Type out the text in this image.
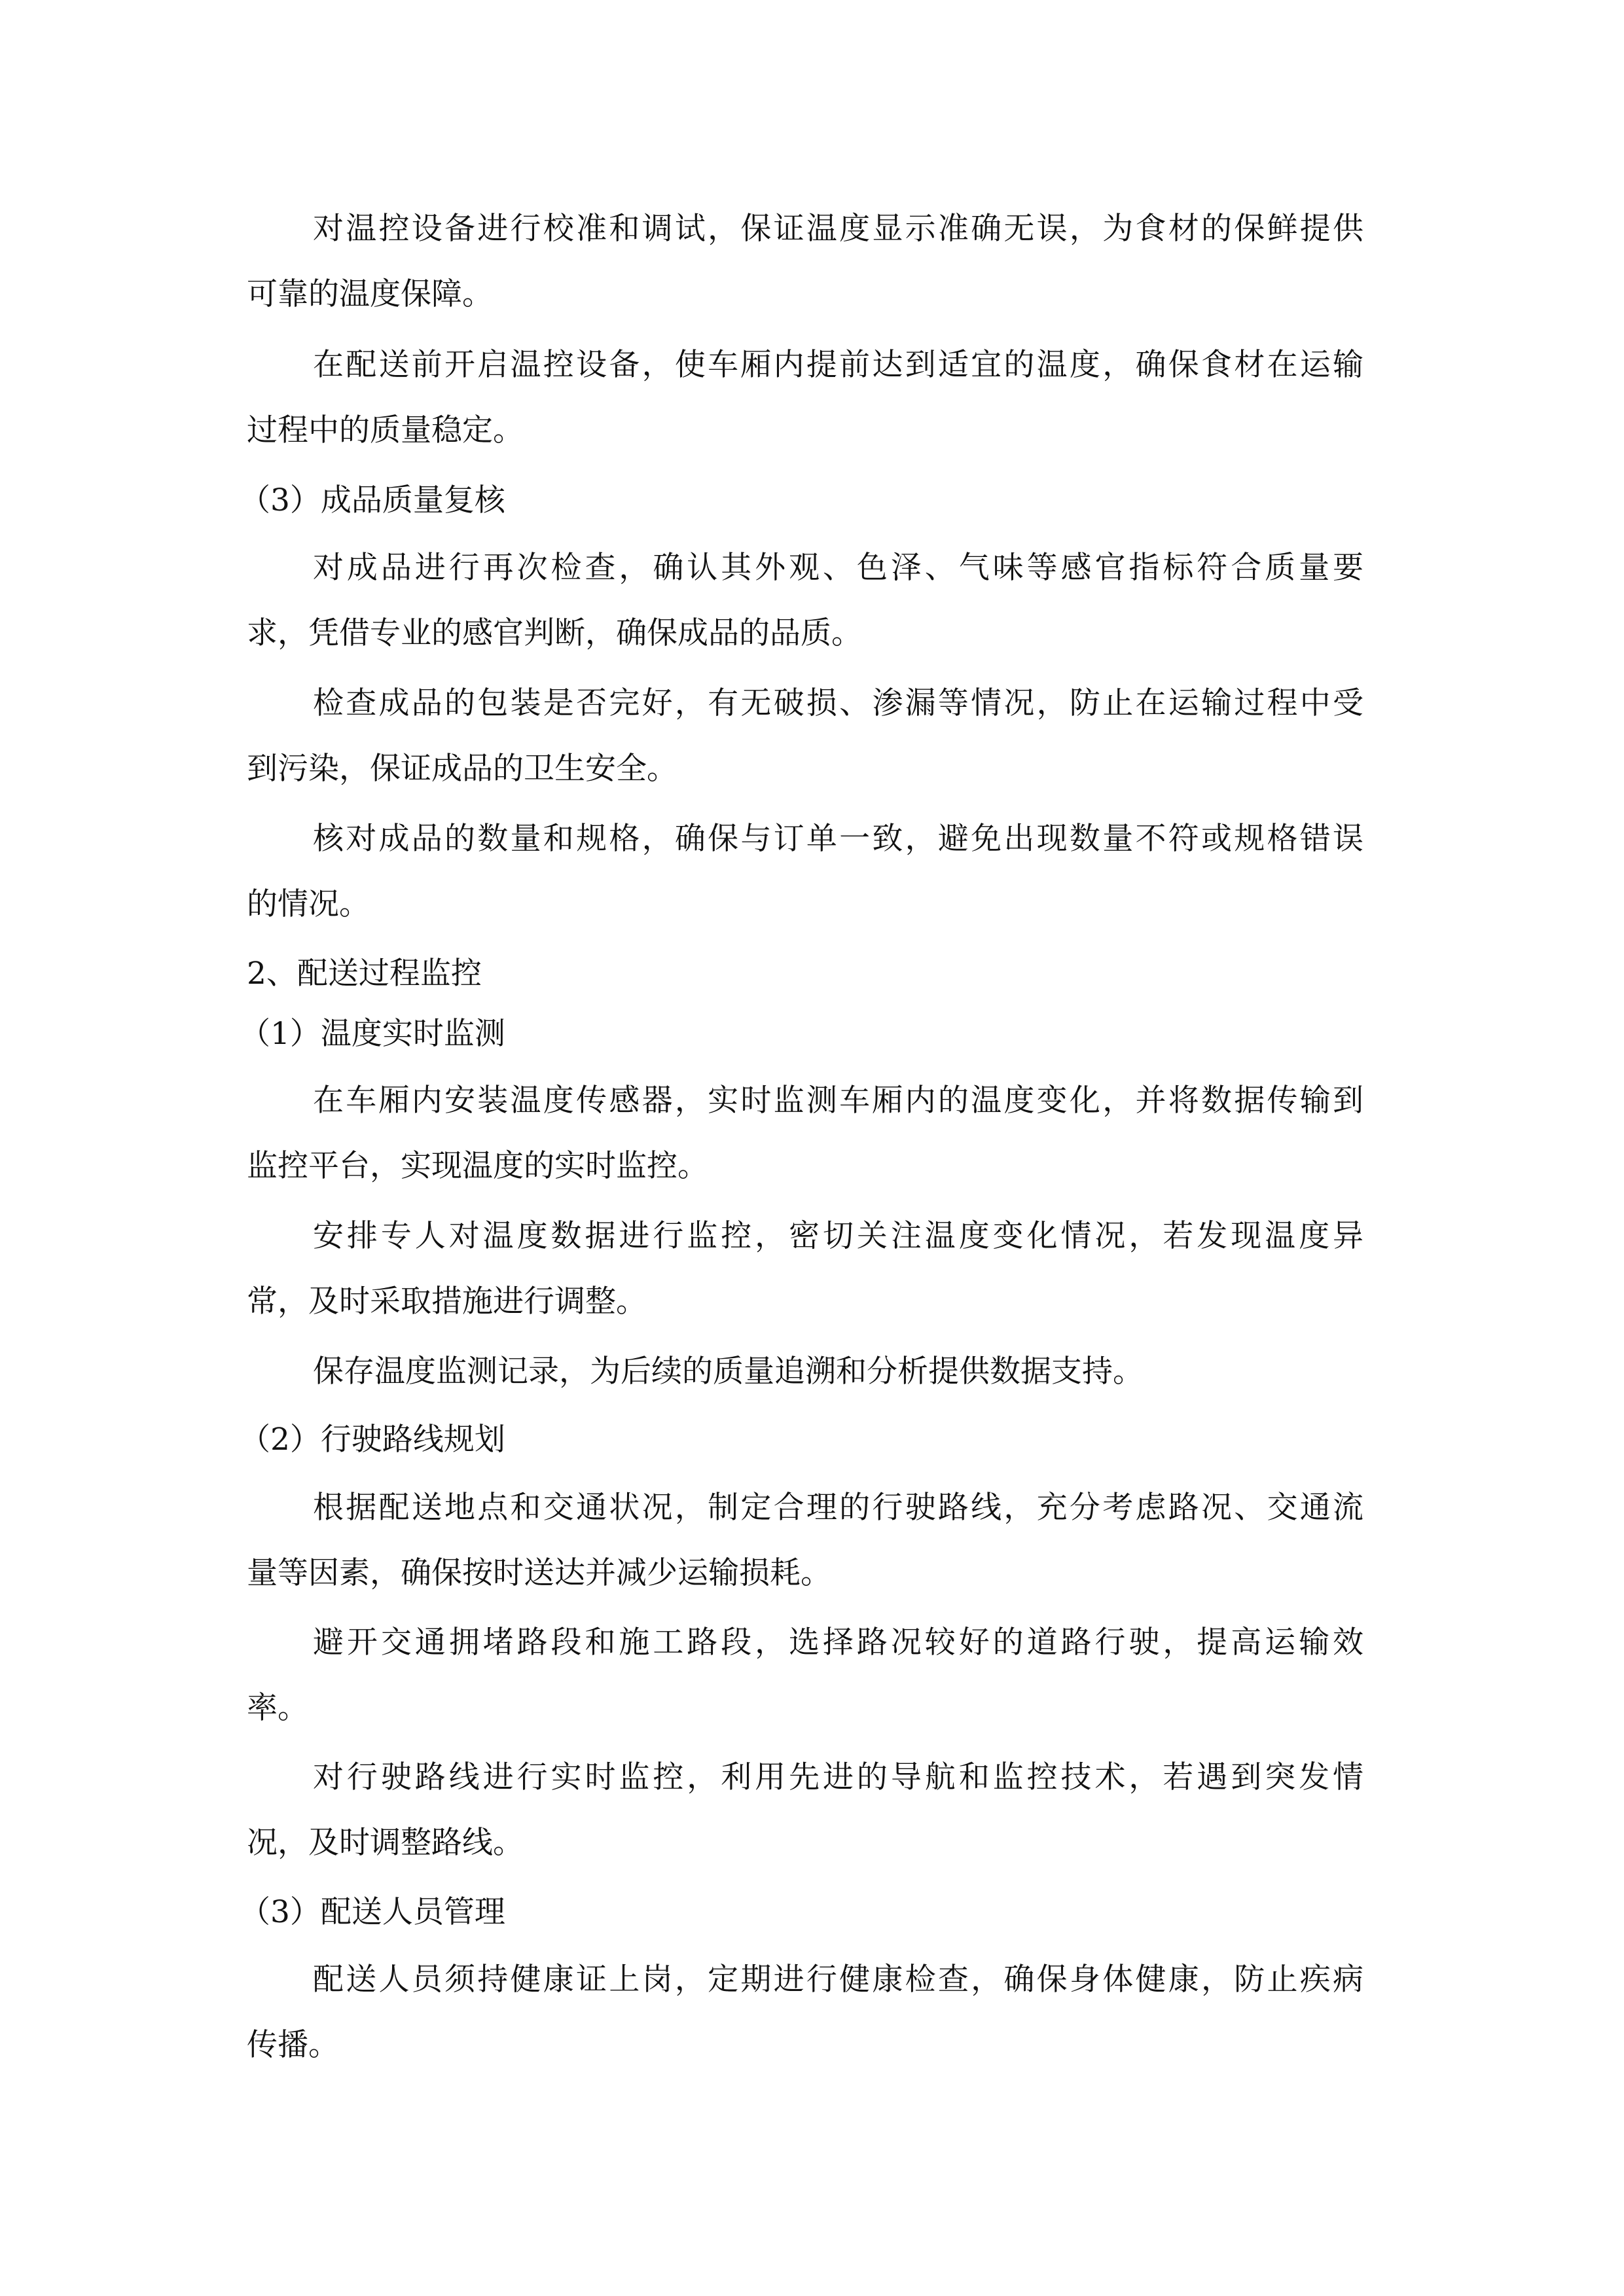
对温控设备进行校准和调试，保证温度显示准确无误，为食材的保鲜提供
可靠的温度保障。
在配送前开启温控设备，使车厢内提前达到适宜的温度，确保食材在运输
过程中的质量稳定。
（3）成品质量复核
对成品进行再次检查，确认其外观、色泽、气味等感官指标符合质量要
求，凭借专业的感官判断，确保成品的品质。
检查成品的包装是否完好，有无破损、渗漏等情况，防止在运输过程中受
到污染，保证成品的卫生安全。
核对成品的数量和规格，确保与订单一致，避免出现数量不符或规格错误
的情况。
2、配送过程监控
（1）温度实时监测
在车厢内安装温度传感器，实时监测车厢内的温度变化，并将数据传输到
监控平台，实现温度的实时监控。
安排专人对温度数据进行监控，密切关注温度变化情况，若发现温度异
常，及时采取措施进行调整。
保存温度监测记录，为后续的质量追溯和分析提供数据支持。
（2）行驶路线规划
根据配送地点和交通状况，制定合理的行驶路线，充分考虑路况、交通流
量等因素，确保按时送达并减少运输损耗。
避开交通拥堵路段和施工路段，选择路况较好的道路行驶，提高运输效
率。
对行驶路线进行实时监控，利用先进的导航和监控技术，若遇到突发情
况，及时调整路线。
（3）配送人员管理
配送人员须持健康证上岗，定期进行健康检查，确保身体健康，防止疾病
传播。
